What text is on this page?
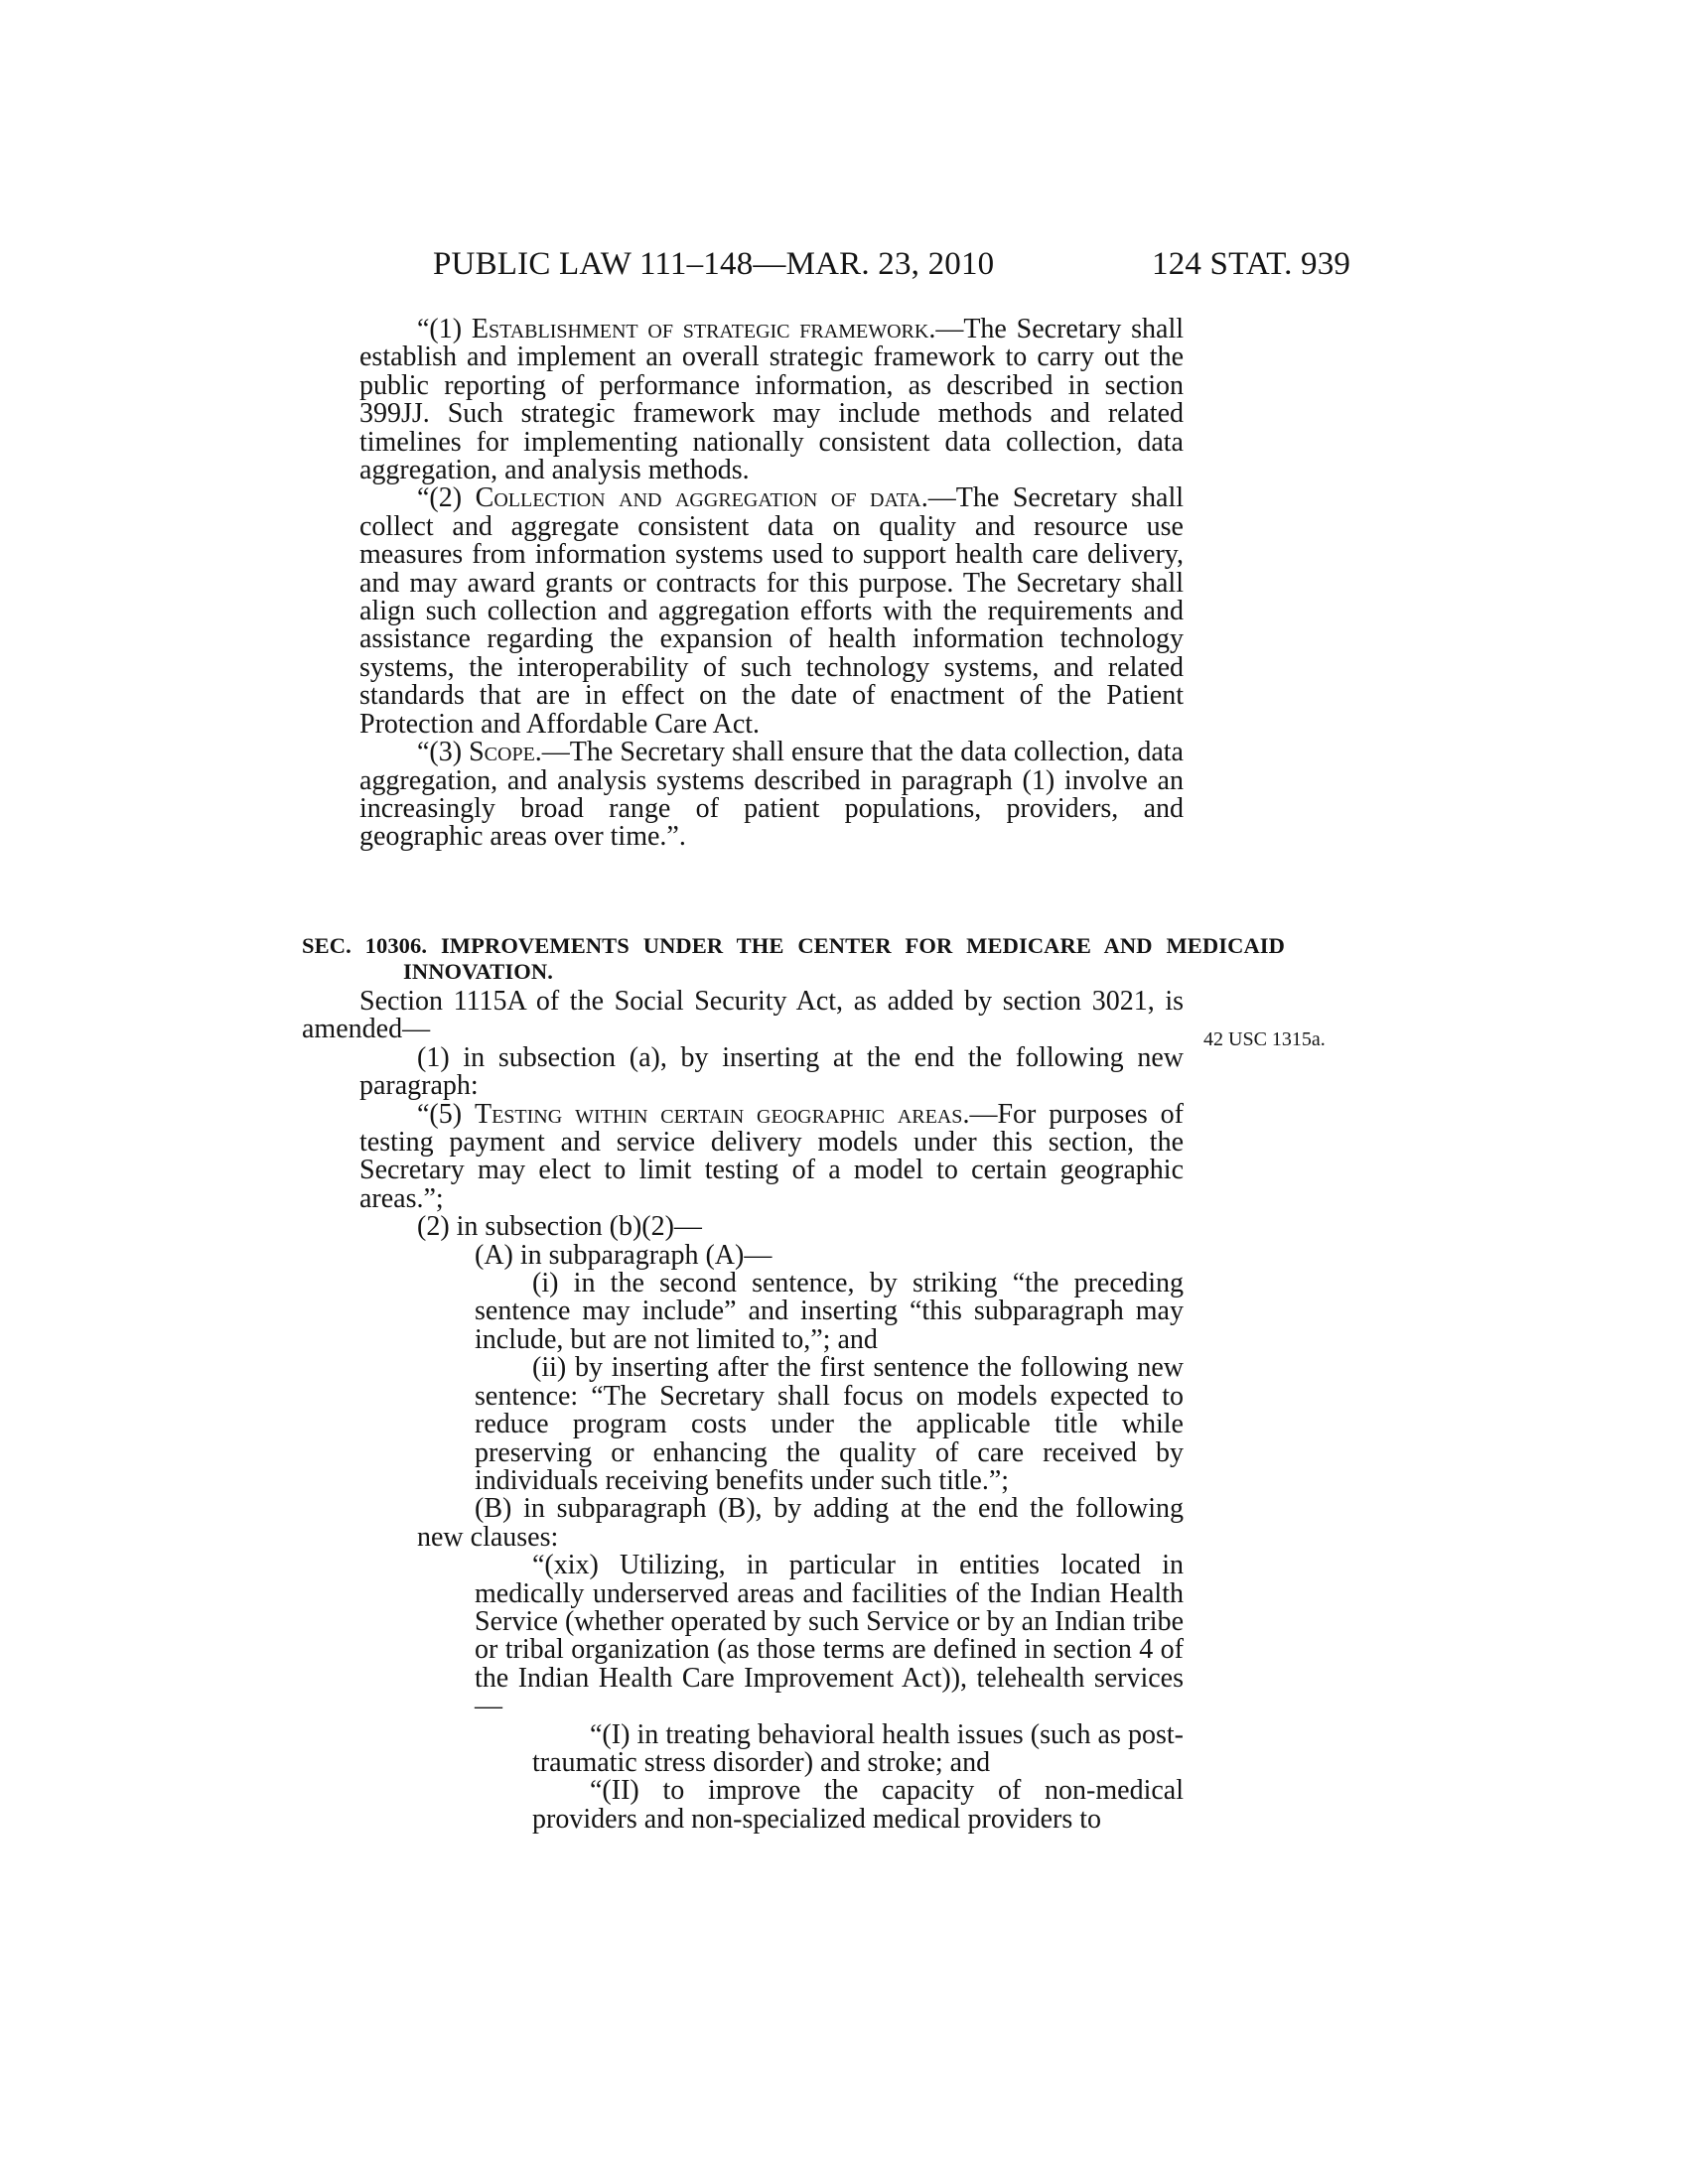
PUBLIC LAW 111–148—MAR. 23, 2010	124 STAT. 939

“(1) Establishment of strategic framework.—The Secretary shall establish and implement an overall strategic framework to carry out the public reporting of performance information, as described in section 399JJ. Such strategic framework may include methods and related timelines for implementing nationally consistent data collection, data aggregation, and analysis methods.

“(2) Collection and aggregation of data.—The Secretary shall collect and aggregate consistent data on quality and resource use measures from information systems used to support health care delivery, and may award grants or contracts for this purpose. The Secretary shall align such collection and aggregation efforts with the requirements and assistance regarding the expansion of health information technology systems, the interoperability of such technology systems, and related standards that are in effect on the date of enactment of the Patient Protection and Affordable Care Act.

“(3) Scope.—The Secretary shall ensure that the data collection, data aggregation, and analysis systems described in paragraph (1) involve an increasingly broad range of patient populations, providers, and geographic areas over time.”.

SEC. 10306. IMPROVEMENTS UNDER THE CENTER FOR MEDICARE AND MEDICAID INNOVATION.
42 USC 1315a.

Section 1115A of the Social Security Act, as added by section 3021, is amended—

(1) in subsection (a), by inserting at the end the following new paragraph:

“(5) Testing within certain geographic areas.—For purposes of testing payment and service delivery models under this section, the Secretary may elect to limit testing of a model to certain geographic areas.”;

(2) in subsection (b)(2)—

(A) in subparagraph (A)—

(i) in the second sentence, by striking “the preceding sentence may include” and inserting “this subparagraph may include, but are not limited to,”; and

(ii) by inserting after the first sentence the following new sentence: “The Secretary shall focus on models expected to reduce program costs under the applicable title while preserving or enhancing the quality of care received by individuals receiving benefits under such title.”;

(B) in subparagraph (B), by adding at the end the following new clauses:

“(xix) Utilizing, in particular in entities located in medically underserved areas and facilities of the Indian Health Service (whether operated by such Service or by an Indian tribe or tribal organization (as those terms are defined in section 4 of the Indian Health Care Improvement Act)), telehealth services—

“(I) in treating behavioral health issues (such as post-traumatic stress disorder) and stroke; and

“(II) to improve the capacity of non-medical providers and non-specialized medical providers to
